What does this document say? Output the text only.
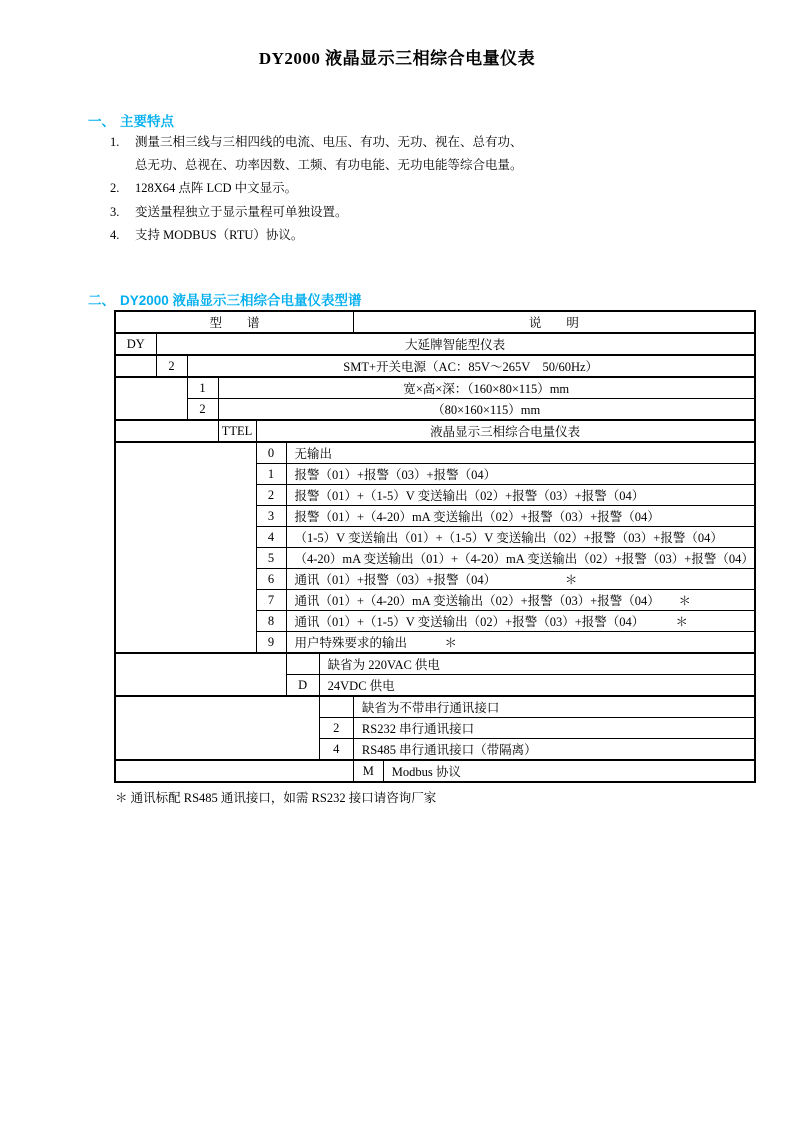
DY2000 液晶显示三相综合电量仪表
一、 主要特点
1.	测量三相三线与三相四线的电流、电压、有功、无功、视在、总有功、
总无功、总视在、功率因数、工频、有功电能、无功电能等综合电量。
2.	128X64 点阵 LCD 中文显示。
3.	变送量程独立于显示量程可单独设置。
4.	支持 MODBUS（RTU）协议。
二、 DY2000 液晶显示三相综合电量仪表型谱
型　　谱							说　　明	
DY	大延牌智能型仪表							
	2	SMT+开关电源（AC：85V～265V　50/60Hz）						
		1	宽×高×深：（160×80×115）mm					
		2	（80×160×115）mm					
			TTEL	液晶显示三相综合电量仪表				
				0	无输出			
				1	报警（01）+报警（03）+报警（04）			
				2	报警（01）+（1-5）V 变送输出（02）+报警（03）+报警（04）			
				3	报警（01）+（4-20）mA 变送输出（02）+报警（03）+报警（04）			
				4	（1-5）V 变送输出（01）+（1-5）V 变送输出（02）+报警（03）+报警（04）			
				5	（4-20）mA 变送输出（01）+（4-20）mA 变送输出（02）+报警（03）+报警（04）			
				6	通讯（01）+报警（03）+报警（04）　　　　　　＊			
				7	通讯（01）+（4-20）mA 变送输出（02）+报警（03）+报警（04）　　＊			
				8	通讯（01）+（1-5）V 变送输出（02）+报警（03）+报警（04）　　　＊			
				9	用户特殊要求的输出　　　＊			
						缺省为 220VAC 供电		
					D	24VDC 供电		
							缺省为不带串行通讯接口	
						2	RS232 串行通讯接口	
						4	RS485 串行通讯接口（带隔离）	
							M	Modbus 协议
＊ 通讯标配 RS485 通讯接口，如需 RS232 接口请咨询厂家
